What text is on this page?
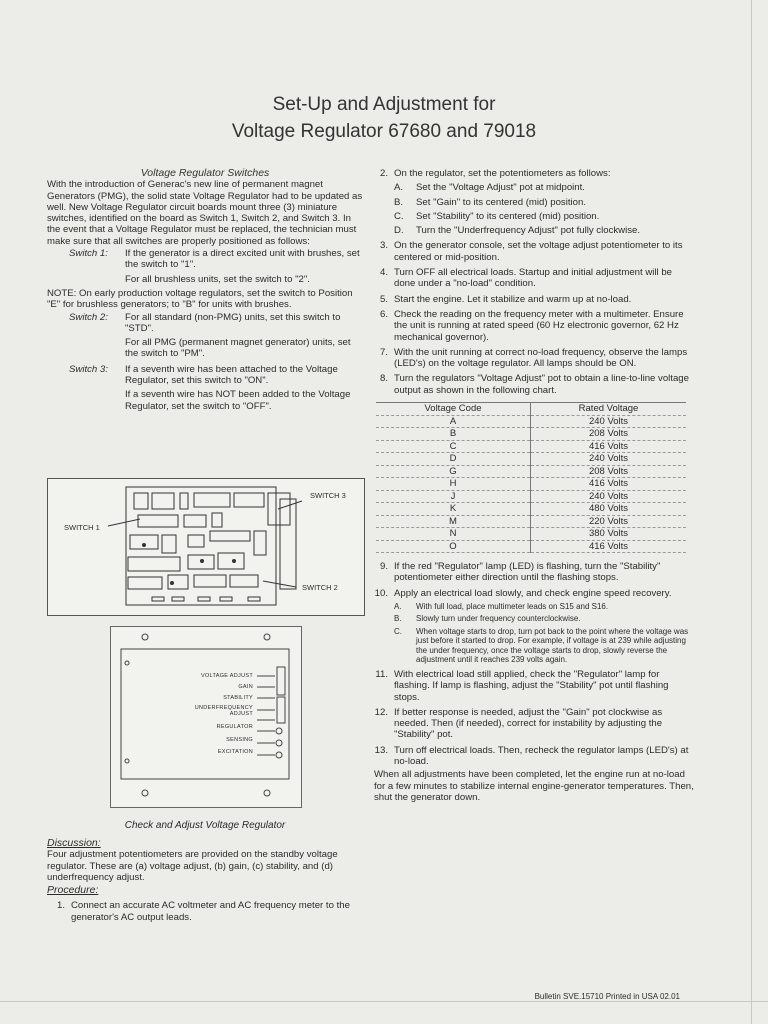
Set-Up and Adjustment for
Voltage Regulator 67680 and 79018
Voltage Regulator Switches

With the introduction of Generac's new line of permanent magnet Generators (PMG), the solid state Voltage Regulator had to be updated as well. New Voltage Regulator circuit boards mount three (3) miniature switches, identified on the board as Switch 1, Switch 2, and Switch 3. In the event that a Voltage Regulator must be replaced, the technician must make sure that all switches are properly positioned as follows:

Switch 1:	If the generator is a direct excited unit with brushes, set the switch to "1".
For all brushless units, set the switch to "2".

NOTE: On early production voltage regulators, set the switch to Position "E" for brushless generators; to "B" for units with brushes.

Switch 2:	For all standard (non-PMG) units, set this switch to "STD".
For all PMG (permanent magnet generator) units, set the switch to "PM".
Switch 3:	If a seventh wire has been attached to the Voltage Regulator, set this switch to "ON".
If a seventh wire has NOT been added to the Voltage Regulator, set the switch to "OFF".
SWITCH 1
SWITCH 3
SWITCH 2
VOLTAGE ADJUST
GAIN
STABILITY
UNDERFREQUENCY ADJUST
REGULATOR
SENSING
EXCITATION
Check and Adjust Voltage Regulator
Discussion:

Four adjustment potentiometers are provided on the standby voltage regulator. These are (a) voltage adjust, (b) gain, (c) stability, and (d) underfrequency adjust.

Procedure:
1. Connect an accurate AC voltmeter and AC frequency meter to the generator's AC output leads.
2. On the regulator, set the potentiometers as follows:
A.	Set the "Voltage Adjust" pot at midpoint.
B.	Set "Gain" to its centered (mid) position.
C.	Set "Stability" to its centered (mid) position.
D.	Turn the "Underfrequency Adjust" pot fully clockwise.
3. On the generator console, set the voltage adjust potentiometer to its centered or mid-position.
4. Turn OFF all electrical loads. Startup and initial adjustment will be done under a "no-load" condition.
5. Start the engine. Let it stabilize and warm up at no-load.
6. Check the reading on the frequency meter with a multimeter. Ensure the unit is running at rated speed (60 Hz electronic governor, 62 Hz mechanical governor).
7. With the unit running at correct no-load frequency, observe the lamps (LED's) on the voltage regulator. All lamps should be ON.
8. Turn the regulators "Voltage Adjust" pot to obtain a line-to-line voltage output as shown in the following chart.
Voltage Code	Rated Voltage
A	240 Volts
B	208 Volts
C	416 Volts
D	240 Volts
G	208 Volts
H	416 Volts
J	240 Volts
K	480 Volts
M	220 Volts
N	380 Volts
O	416 Volts
9. If the red "Regulator" lamp (LED) is flashing, turn the "Stability" potentiometer either direction until the flashing stops.
10. Apply an electrical load slowly, and check engine speed recovery.
A.	With full load, place multimeter leads on S15 and S16.
B.	Slowly turn under frequency counterclockwise.
C.	When voltage starts to drop, turn pot back to the point where the voltage was just before it started to drop. For example, if voltage is at 239 while adjusting the under frequency, once the voltage starts to drop, slowly reverse the adjustment until it reaches 239 volts again.
11. With electrical load still applied, check the "Regulator" lamp for flashing. If lamp is flashing, adjust the "Stability" pot until flashing stops.
12. If better response is needed, adjust the "Gain" pot clockwise as needed. Then (if needed), correct for instability by adjusting the "Stability" pot.
13. Turn off electrical loads. Then, recheck the regulator lamps (LED's) at no-load.

When all adjustments have been completed, let the engine run at no-load for a few minutes to stabilize internal engine-generator temperatures. Then, shut the generator down.

Bulletin SVE.15710 Printed in USA 02.01
